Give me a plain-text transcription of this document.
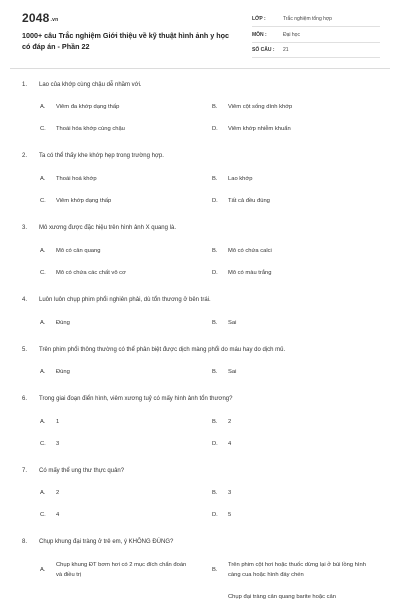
2048.vn
1000+ câu Trắc nghiệm Giới thiệu về kỹ thuật hình ảnh y học có đáp án - Phần 22
LỚP :	Trắc nghiệm tổng hợp
MÔN :	Đại học
SỐ CÂU : 21
1. Lao của khớp cùng chậu dễ nhầm với.
A. Viêm đa khớp dạng thấp	B. Viêm cột sống dính khớp
C. Thoái hóa khớp cùng chậu	D. Viêm khớp nhiễm khuẩn
2. Ta có thể thấy khe khớp hẹp trong trường hợp.
A. Thoái hoá khớp	B. Lao khớp
C. Viêm khớp dạng thấp	D. Tất cả đều đúng
3. Mô xương được đặc hiệu trên hình ảnh X quang là.
A. Mô có cản quang	B. Mô có chứa calci
C. Mô có chứa các chất vô cơ	D. Mô có màu trắng
4. Luôn luôn chụp phim phổi nghiên phải, dù tổn thương ở bên trái.
A. Đúng	B. Sai
5. Trên phim phổi thông thường có thể phân biệt được dịch màng phổi do máu hay do dịch mủ.
A. Đúng	B. Sai
6. Trong giai đoạn điển hình, viêm xương tuỷ có mấy hình ảnh tổn thương?
A. 1	B. 2
C. 3	D. 4
7. Có mấy thể ung thư thực quản?
A. 2	B. 3
C. 4	D. 5
8. Chụp khung đại tràng ở trẻ em, ý KHÔNG ĐÚNG?
A.
Chụp khung ĐT bơm hơi có 2 mục đích chẩn đoán và điều trị
B.
Trên phim cột hơi hoặc thuốc dừng lại ở búi lồng hình càng cua hoặc hình đáy chén
Chụp đại tràng cản quang barite hoặc cản
